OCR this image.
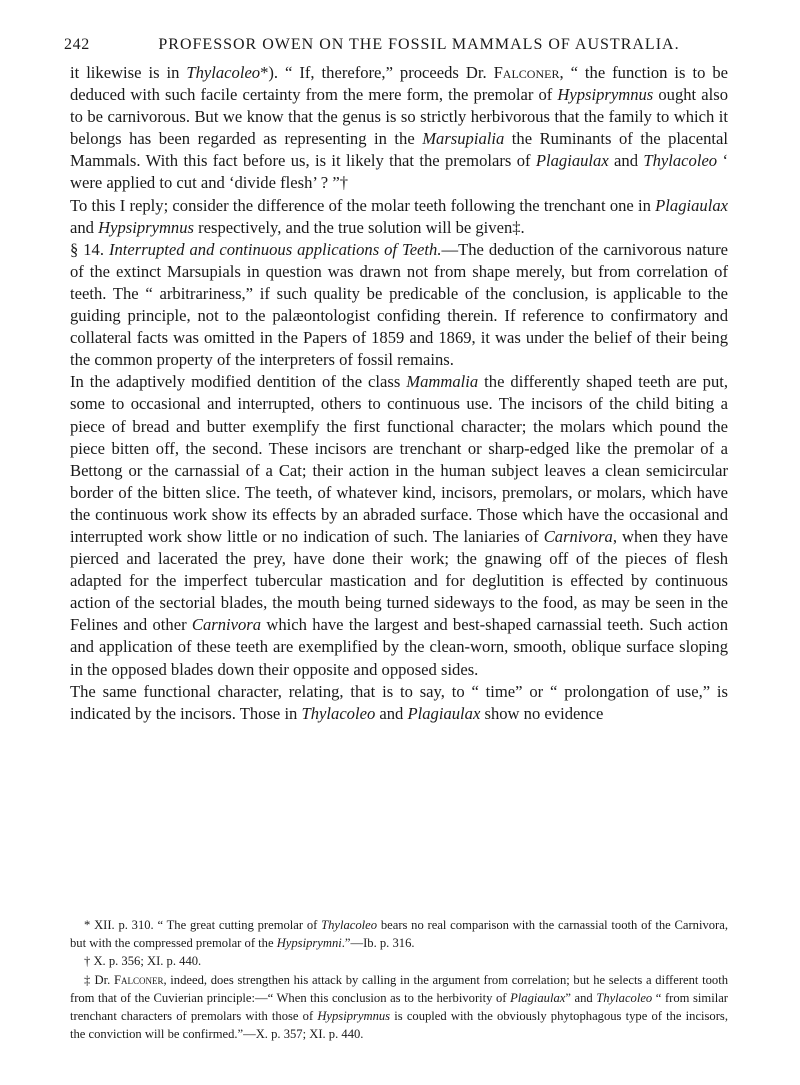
242	PROFESSOR OWEN ON THE FOSSIL MAMMALS OF AUSTRALIA.

it likewise is in Thylacoleo*). “ If, therefore,” proceeds Dr. Falconer, “ the function is to be deduced with such facile certainty from the mere form, the premolar of Hypsiprymnus ought also to be carnivorous. But we know that the genus is so strictly herbivorous that the family to which it belongs has been regarded as representing in the Marsupialia the Ruminants of the placental Mammals. With this fact before us, is it likely that the premolars of Plagiaulax and Thylacoleo ‘ were applied to cut and ‘divide flesh’ ? ”†

To this I reply; consider the difference of the molar teeth following the trenchant one in Plagiaulax and Hypsiprymnus respectively, and the true solution will be given‡.

§ 14. Interrupted and continuous applications of Teeth.—The deduction of the carnivorous nature of the extinct Marsupials in question was drawn not from shape merely, but from correlation of teeth. The “ arbitrariness,” if such quality be predicable of the conclusion, is applicable to the guiding principle, not to the palæontologist confiding therein. If reference to confirmatory and collateral facts was omitted in the Papers of 1859 and 1869, it was under the belief of their being the common property of the interpreters of fossil remains.

In the adaptively modified dentition of the class Mammalia the differently shaped teeth are put, some to occasional and interrupted, others to continuous use. The incisors of the child biting a piece of bread and butter exemplify the first functional character; the molars which pound the piece bitten off, the second. These incisors are trenchant or sharp-edged like the premolar of a Bettong or the carnassial of a Cat; their action in the human subject leaves a clean semicircular border of the bitten slice. The teeth, of whatever kind, incisors, premolars, or molars, which have the continuous work show its effects by an abraded surface. Those which have the occasional and interrupted work show little or no indication of such. The laniaries of Carnivora, when they have pierced and lacerated the prey, have done their work; the gnawing off of the pieces of flesh adapted for the imperfect tubercular mastication and for deglutition is effected by continuous action of the sectorial blades, the mouth being turned sideways to the food, as may be seen in the Felines and other Carnivora which have the largest and best-shaped carnassial teeth. Such action and application of these teeth are exemplified by the clean-worn, smooth, oblique surface sloping in the opposed blades down their opposite and opposed sides.

The same functional character, relating, that is to say, to “ time” or “ prolongation of use,” is indicated by the incisors. Those in Thylacoleo and Plagiaulax show no evidence

* XII. p. 310. “ The great cutting premolar of Thylacoleo bears no real comparison with the carnassial tooth of the Carnivora, but with the compressed premolar of the Hypsiprymni.”—Ib. p. 316.

† X. p. 356; XI. p. 440.

‡ Dr. Falconer, indeed, does strengthen his attack by calling in the argument from correlation; but he selects a different tooth from that of the Cuvierian principle:—“ When this conclusion as to the herbivority of Plagiaulax” and Thylacoleo “ from similar trenchant characters of premolars with those of Hypsiprymnus is coupled with the obviously phytophagous type of the incisors, the conviction will be confirmed.”—X. p. 357; XI. p. 440.
